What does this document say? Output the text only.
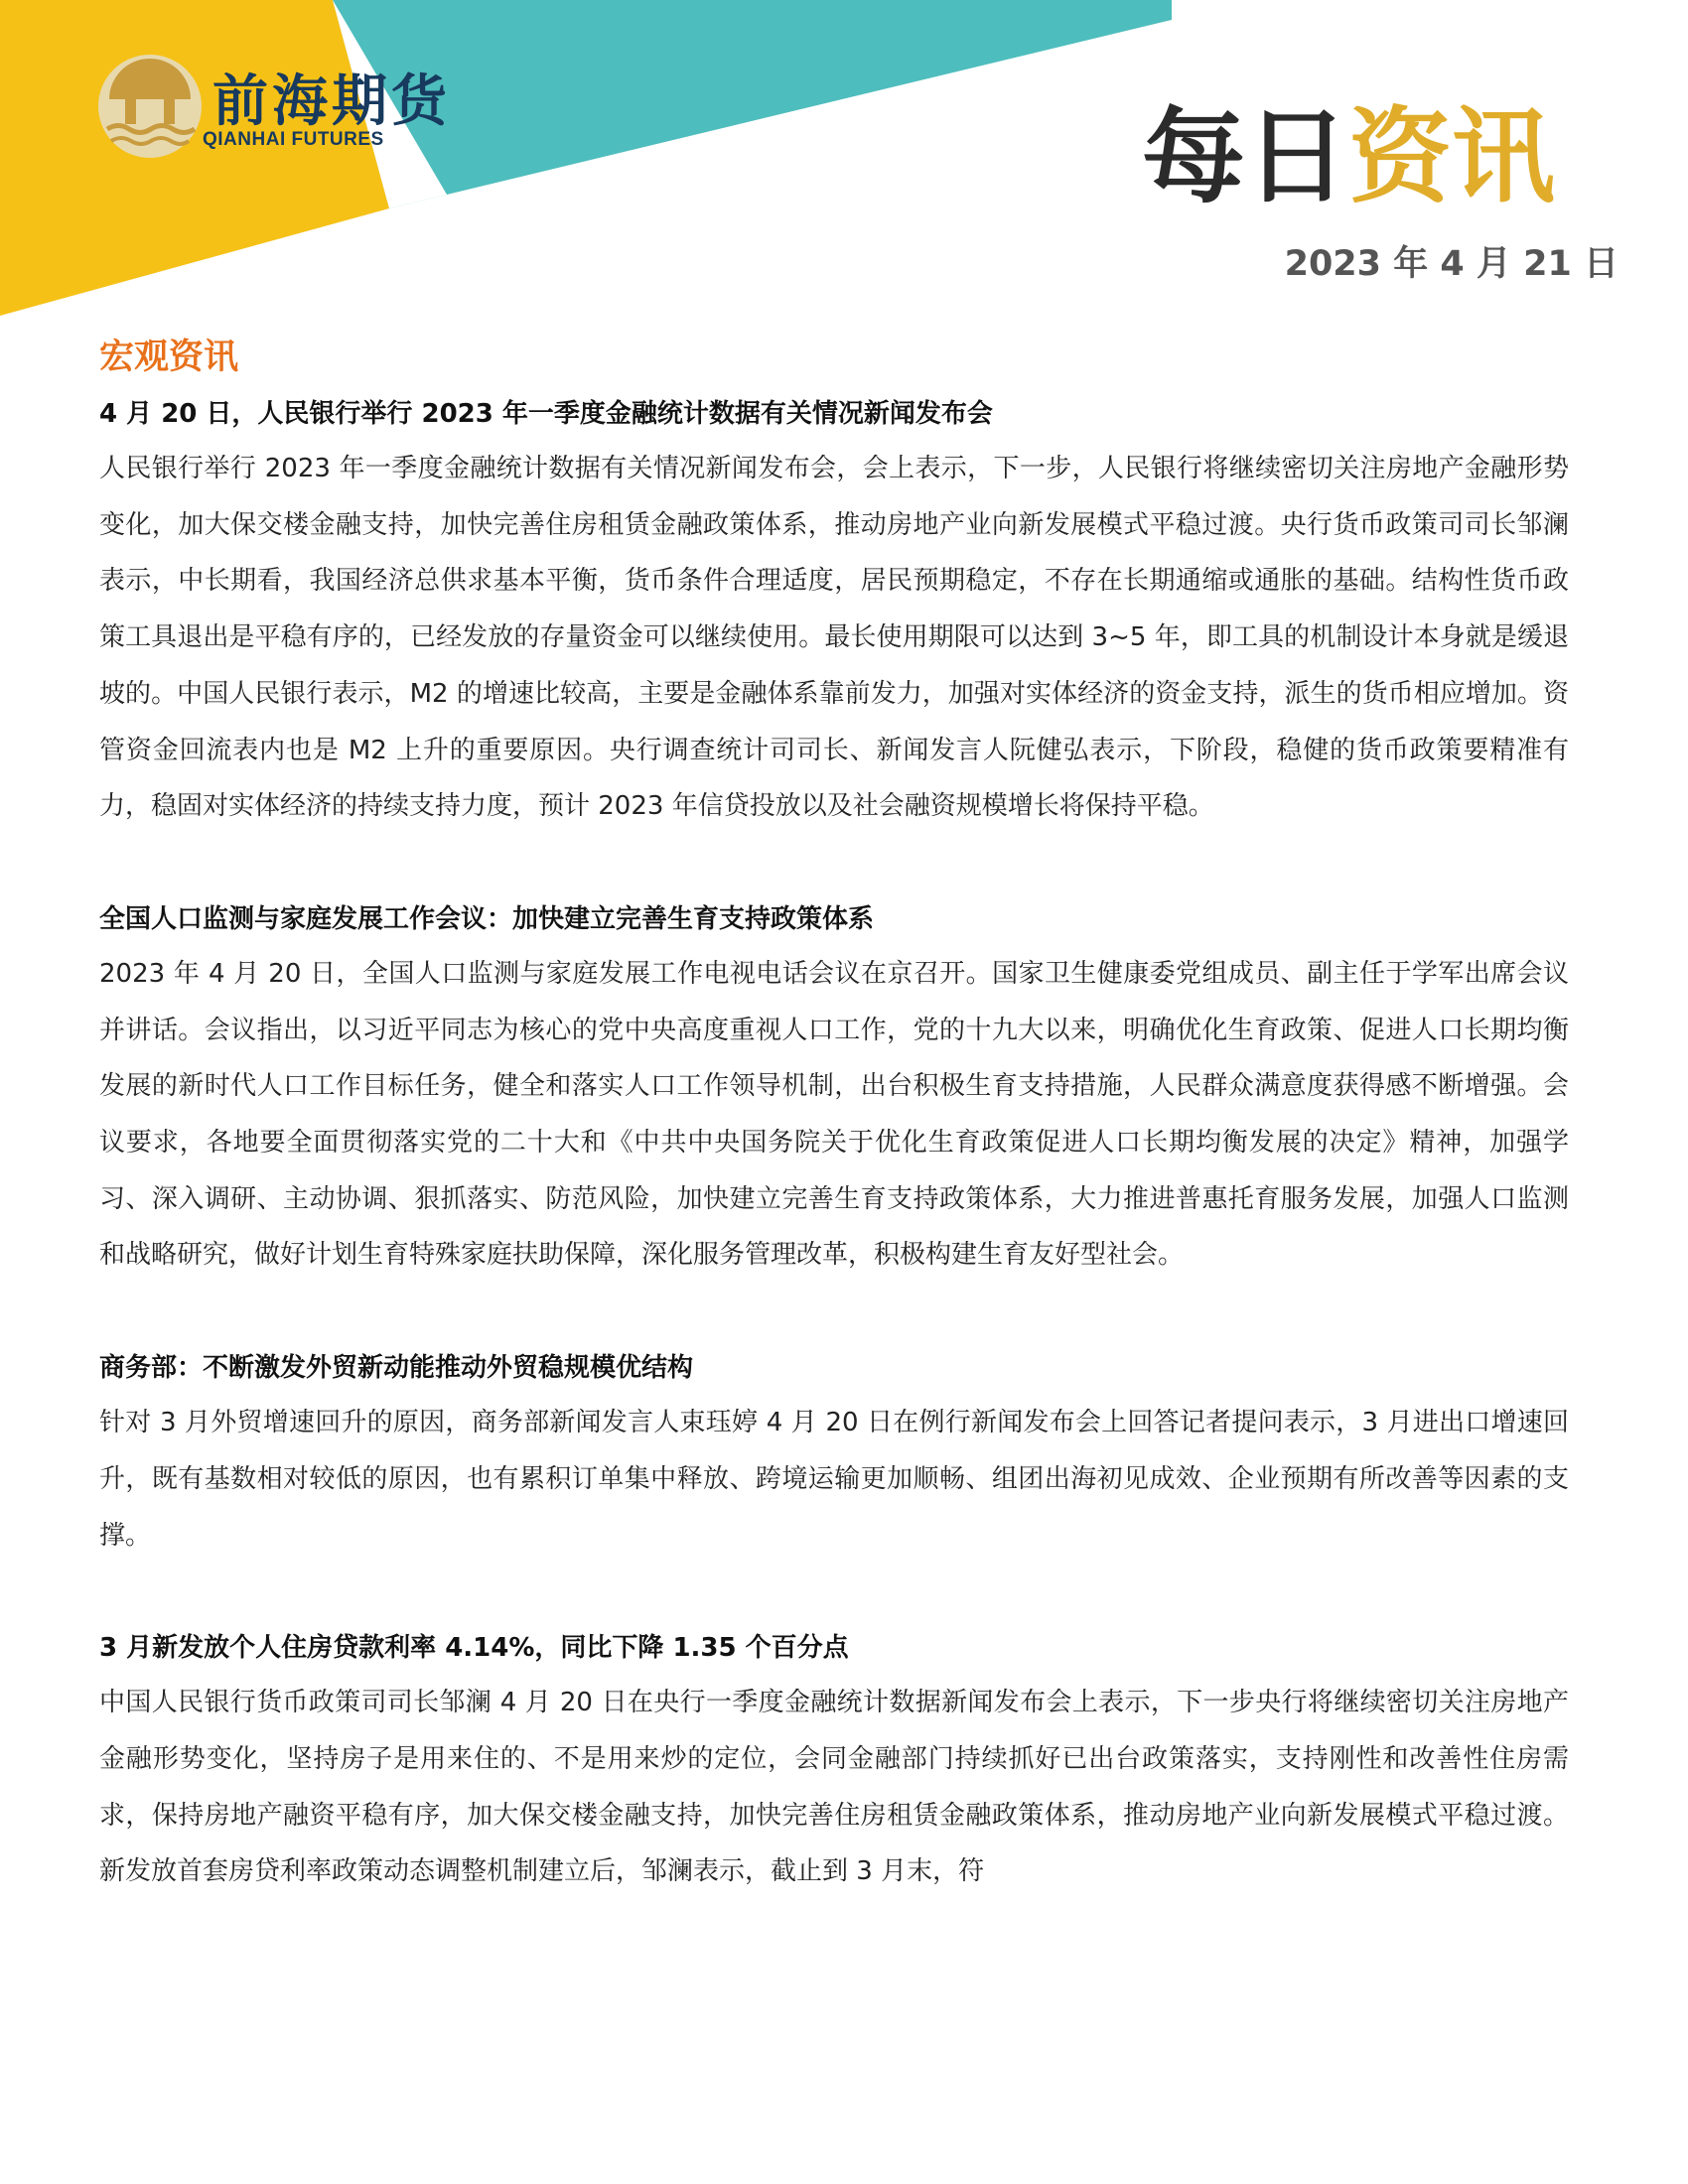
前海期货
QIANHAI FUTURES	每日资讯
2023 年 4 月 21 日
宏观资讯
4 月 20 日，人民银行举行 2023 年一季度金融统计数据有关情况新闻发布会

人民银行举行 2023 年一季度金融统计数据有关情况新闻发布会，会上表示，下一步，人民银行将继续密切关注房地产金融形势变化，加大保交楼金融支持，加快完善住房租赁金融政策体系，推动房地产业向新发展模式平稳过渡。央行货币政策司司长邹澜表示，中长期看，我国经济总供求基本平衡，货币条件合理适度，居民预期稳定，不存在长期通缩或通胀的基础。结构性货币政策工具退出是平稳有序的，已经发放的存量资金可以继续使用。最长使用期限可以达到 3~5 年，即工具的机制设计本身就是缓退坡的。中国人民银行表示，M2 的增速比较高，主要是金融体系靠前发力，加强对实体经济的资金支持，派生的货币相应增加。资管资金回流表内也是 M2 上升的重要原因。央行调查统计司司长、新闻发言人阮健弘表示，下阶段，稳健的货币政策要精准有力，稳固对实体经济的持续支持力度，预计 2023 年信贷投放以及社会融资规模增长将保持平稳。

全国人口监测与家庭发展工作会议：加快建立完善生育支持政策体系

2023 年 4 月 20 日，全国人口监测与家庭发展工作电视电话会议在京召开。国家卫生健康委党组成员、副主任于学军出席会议并讲话。会议指出，以习近平同志为核心的党中央高度重视人口工作，党的十九大以来，明确优化生育政策、促进人口长期均衡发展的新时代人口工作目标任务，健全和落实人口工作领导机制，出台积极生育支持措施，人民群众满意度获得感不断增强。会议要求，各地要全面贯彻落实党的二十大和《中共中央国务院关于优化生育政策促进人口长期均衡发展的决定》精神，加强学习、深入调研、主动协调、狠抓落实、防范风险，加快建立完善生育支持政策体系，大力推进普惠托育服务发展，加强人口监测和战略研究，做好计划生育特殊家庭扶助保障，深化服务管理改革，积极构建生育友好型社会。

商务部：不断激发外贸新动能推动外贸稳规模优结构

针对 3 月外贸增速回升的原因，商务部新闻发言人束珏婷 4 月 20 日在例行新闻发布会上回答记者提问表示，3 月进出口增速回升，既有基数相对较低的原因，也有累积订单集中释放、跨境运输更加顺畅、组团出海初见成效、企业预期有所改善等因素的支撑。

3 月新发放个人住房贷款利率 4.14%，同比下降 1.35 个百分点

中国人民银行货币政策司司长邹澜 4 月 20 日在央行一季度金融统计数据新闻发布会上表示，下一步央行将继续密切关注房地产金融形势变化，坚持房子是用来住的、不是用来炒的定位，会同金融部门持续抓好已出台政策落实，支持刚性和改善性住房需求，保持房地产融资平稳有序，加大保交楼金融支持，加快完善住房租赁金融政策体系，推动房地产业向新发展模式平稳过渡。新发放首套房贷利率政策动态调整机制建立后，邹澜表示，截止到 3 月末，符
